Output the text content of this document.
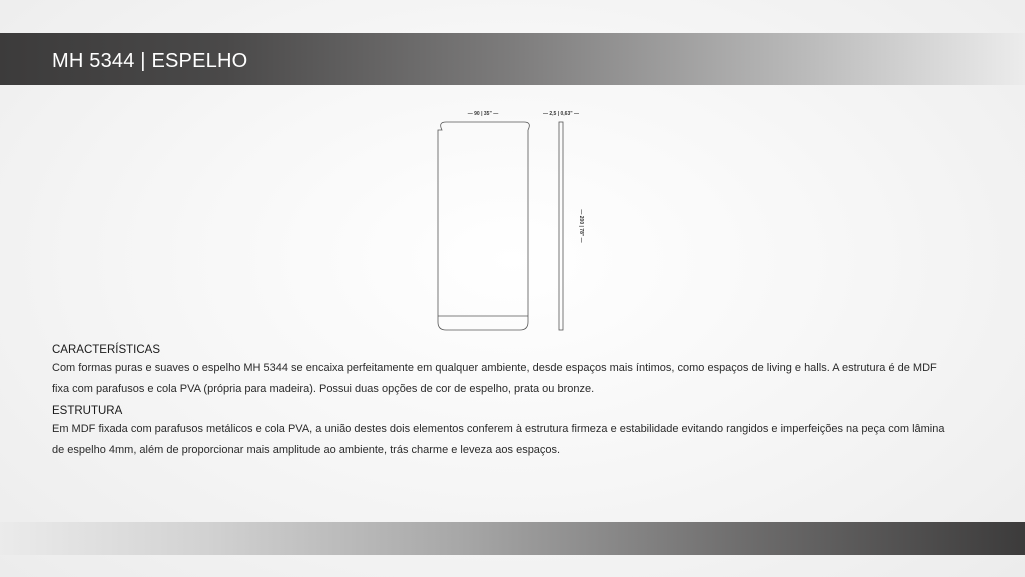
MH 5344 | ESPELHO
— 90 | 35" —	— 2,5 | 0,63" —
— 200 | 78" —

CARACTERÍSTICAS

Com formas puras e suaves o espelho MH 5344 se encaixa perfeitamente em qualquer ambiente, desde espaços mais íntimos, como espaços de living e halls. A estrutura é de MDF fixa com parafusos e cola PVA (própria para madeira). Possui duas opções de cor de espelho, prata ou bronze.

ESTRUTURA

Em MDF fixada com parafusos metálicos e cola PVA, a união destes dois elementos conferem à estrutura firmeza e estabilidade evitando rangidos e imperfeições na peça com lâmina de espelho 4mm, além de proporcionar mais amplitude ao ambiente, trás charme e leveza aos espaços.
